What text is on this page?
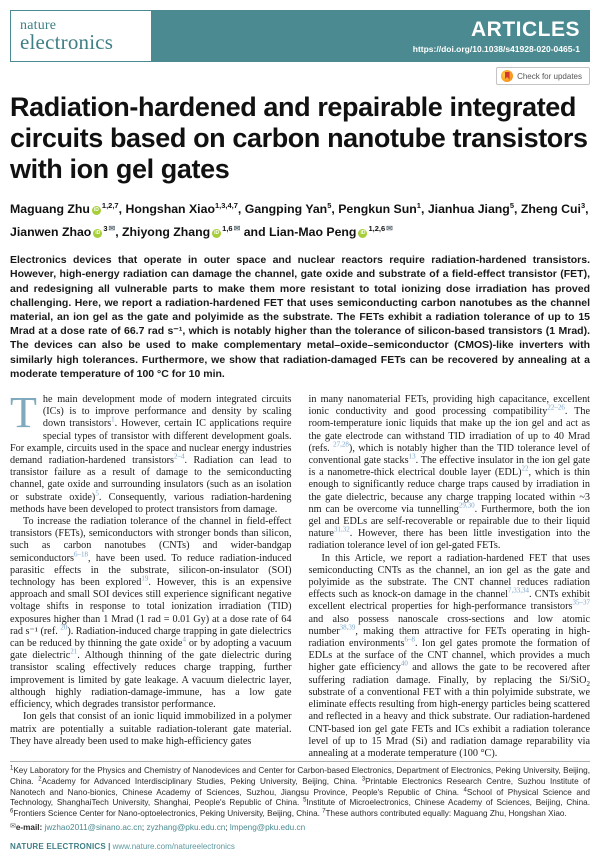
nature
electronics
ARTICLES
https://doi.org/10.1038/s41928-020-0465-1
Check for updates
Radiation-hardened and repairable integrated circuits based on carbon nanotube transistors with ion gel gates
Maguang Zhu iD$^{1,2,7}$, Hongshan Xiao$^{1,3,4,7}$, Gangping Yan$^5$, Pengkun Sun$^1$, Jianhua Jiang$^5$, Zheng Cui$^3$, Jianwen Zhao $iD^{3✉}$, Zhiyong Zhang $iD^{1,6✉}$ and Lian-Mao Peng $iD^{1,2,6✉}$

Electronics devices that operate in outer space and nuclear reactors require radiation-hardened transistors. However, high-energy radiation can damage the channel, gate oxide and substrate of a field-effect transistor (FET), and redesigning all vulnerable parts to make them more resistant to total ionizing dose irradiation has proved challenging. Here, we report a radiation-hardened FET that uses semiconducting carbon nanotubes as the channel material, an ion gel as the gate and polyimide as the substrate. The FETs exhibit a radiation tolerance of up to 15 Mrad at a dose rate of 66.7 rad s⁻¹, which is notably higher than the tolerance of silicon-based transistors (1 Mrad). The devices can also be used to make complementary metal–oxide–semiconductor (CMOS)-like inverters with similarly high tolerances. Furthermore, we show that radiation-damaged FETs can be recovered by annealing at a moderate temperature of 100 °C for 10 min.

The main development mode of modern integrated circuits (ICs) is to improve performance and density by scaling down transistors$^1$. However, certain IC applications require special types of transistor with different development goals. For example, circuits used in the space and nuclear energy industries demand radiation-hardened transistors$^{2-4}$. Radiation can lead to transistor failure as a result of damage to the semiconducting channel, gate oxide and surrounding insulators (such as an isolation or substrate oxide)$^5$. Consequently, various radiation-hardening methods have been developed to protect transistors from damage.

To increase the radiation tolerance of the channel in field-effect transistors (FETs), semiconductors with stronger bonds than silicon, such as carbon nanotubes (CNTs) and wider-bandgap semiconductors$^{6-18}$, have been used. To reduce radiation-induced parasitic effects in the substrate, silicon-on-insulator (SOI) technology has been explored$^{19}$. However, this is an expensive approach and small SOI devices still experience significant negative voltage shifts in response to total ionization irradiation (TID) exposures higher than 1 Mrad (1 rad = 0.01 Gy) at a dose rate of 64 rad s⁻¹ (ref. $^{20}$). Radiation-induced charge trapping in gate dielectrics can be reduced by thinning the gate oxide$^4$ or by adopting a vacuum gate dielectric$^{21}$. Although thinning of the gate dielectric during transistor scaling effectively reduces charge trapping, further improvement is limited by gate leakage. A vacuum dielectric layer, although highly radiation-damage-immune, has a low gate efficiency, which degrades transistor performance.

Ion gels that consist of an ionic liquid immobilized in a polymer matrix are potentially a suitable radiation-tolerant gate material. They have already been used to make high-efficiency gates

in many nanomaterial FETs, providing high capacitance, excellent ionic conductivity and good processing compatibility$^{22-26}$. The room-temperature ionic liquids that make up the ion gel and act as the gate electrode can withstand TID irradiation of up to 40 Mrad (refs. $^{27,28}$), which is notably higher than the TID tolerance level of conventional gate stacks$^{13}$. The effective insulator in the ion gel gate is a nanometre-thick electrical double layer (EDL)$^{22}$, which is thin enough to significantly reduce charge traps caused by irradiation in the gate dielectric, because any charge trapping located within ~3 nm can be overcome via tunnelling$^{29,30}$. Furthermore, both the ion gel and EDLs are self-recoverable or repairable due to their liquid nature$^{31,32}$. However, there has been little investigation into the radiation tolerance level of ion gel-gated FETs.

In this Article, we report a radiation-hardened FET that uses semiconducting CNTs as the channel, an ion gel as the gate and polyimide as the substrate. The CNT channel reduces radiation effects such as knock-on damage in the channel$^{7,33,34}$. CNTs exhibit excellent electrical properties for high-performance transistors$^{35-37}$ and also possess nanoscale cross-sections and low atomic number$^{38,39}$, making them attractive for FETs operating in high-radiation environments$^{6-8}$. Ion gel gates promote the formation of EDLs at the surface of the CNT channel, which provides a much higher gate efficiency$^{40}$ and allows the gate to be recovered after suffering radiation damage. Finally, by replacing the Si/SiO$_2$ substrate of a conventional FET with a thin polyimide substrate, we eliminate effects resulting from high-energy particles being scattered and reflected in a heavy and thick substrate. Our radiation-hardened CNT-based ion gel gate FETs and ICs exhibit a radiation tolerance level of up to 15 Mrad (Si) and radiation damage reparability via annealing at a moderate temperature (100 °C).

$^1$Key Laboratory for the Physics and Chemistry of Nanodevices and Center for Carbon-based Electronics, Department of Electronics, Peking University, Beijing, China. $^2$Academy for Advanced Interdisciplinary Studies, Peking University, Beijing, China. $^3$Printable Electronics Research Centre, Suzhou Institute of Nanotech and Nano-bionics, Chinese Academy of Sciences, Suzhou, Jiangsu Province, People's Republic of China. $^4$School of Physical Science and Technology, ShanghaiTech University, Shanghai, People's Republic of China. $^5$Institute of Microelectronics, Chinese Academy of Sciences, Beijing, China. $^6$Frontiers Science Center for Nano-optoelectronics, Peking University, Beijing, China. $^7$These authors contributed equally: Maguang Zhu, Hongshan Xiao.

✉e-mail: jwzhao2011@sinano.ac.cn; zyzhang@pku.edu.cn; lmpeng@pku.edu.cn

NATURE ELECTRONICS | www.nature.com/natureelectronics
